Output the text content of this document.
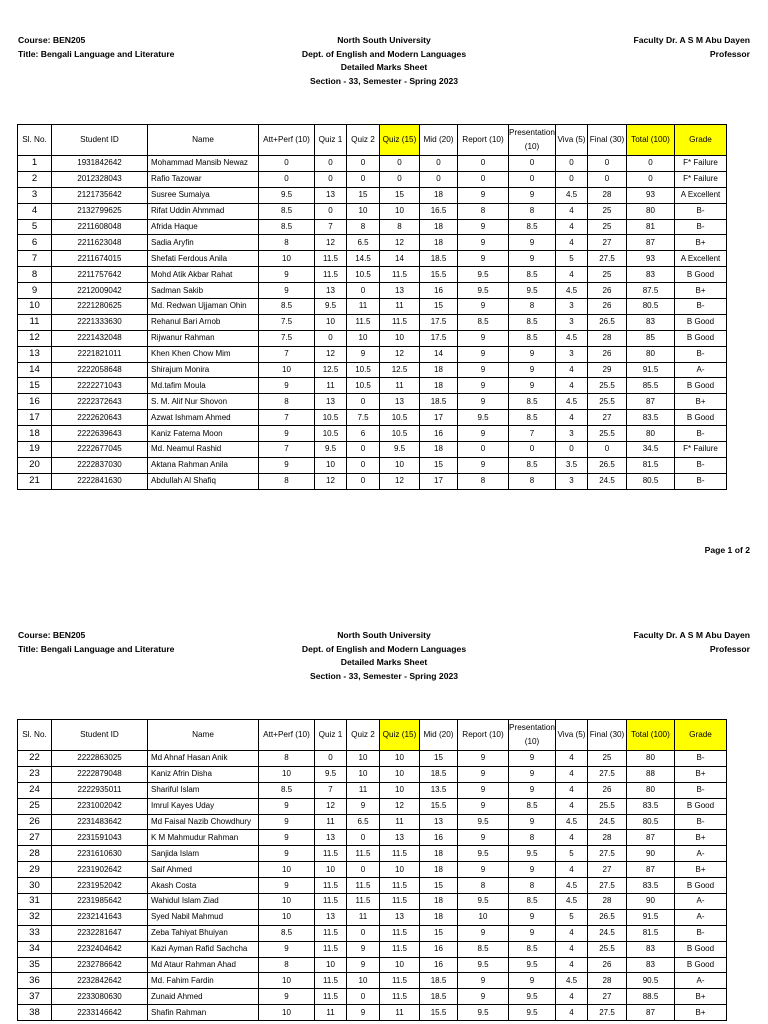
Course: BEN205
Title: Bengali Language and Literature
North South University
Dept. of English and Modern Languages
Detailed Marks Sheet
Section - 33, Semester - Spring 2023
Faculty Dr. A S M Abu Dayen
Professor
Sl. No.	Student ID	Name	Att+Perf (10)	Quiz 1	Quiz 2	Quiz (15)	Mid (20)	Report (10)	Presentation (10)	Viva (5)	Final (30)	Total (100)	Grade
1	1931842642	Mohammad Mansib Newaz	0	0	0	0	0	0	0	0	0	0	F* Failure
2	2012328043	Rafio Tazowar	0	0	0	0	0	0	0	0	0	0	F* Failure
3	2121735642	Susree Sumaiya	9.5	13	15	15	18	9	9	4.5	28	93	A Excellent
4	2132799625	Rifat Uddin Ahmmad	8.5	0	10	10	16.5	8	8	4	25	80	B-
5	2211608048	Afrida Haque	8.5	7	8	8	18	9	8.5	4	25	81	B-
6	2211623048	Sadia Aryfin	8	12	6.5	12	18	9	9	4	27	87	B+
7	2211674015	Shefati Ferdous Anila	10	11.5	14.5	14	18.5	9	9	5	27.5	93	A Excellent
8	2211757642	Mohd Atik Akbar Rahat	9	11.5	10.5	11.5	15.5	9.5	8.5	4	25	83	B Good
9	2212009042	Sadman Sakib	9	13	0	13	16	9.5	9.5	4.5	26	87.5	B+
10	2221280625	Md. Redwan Ujjaman Ohin	8.5	9.5	11	11	15	9	8	3	26	80.5	B-
11	2221333630	Rehanul Bari Arnob	7.5	10	11.5	11.5	17.5	8.5	8.5	3	26.5	83	B Good
12	2221432048	Rijwanur Rahman	7.5	0	10	10	17.5	9	8.5	4.5	28	85	B Good
13	2221821011	Khen Khen Chow Mim	7	12	9	12	14	9	9	3	26	80	B-
14	2222058648	Shirajum Monira	10	12.5	10.5	12.5	18	9	9	4	29	91.5	A-
15	2222271043	Md.tafim Moula	9	11	10.5	11	18	9	9	4	25.5	85.5	B Good
16	2222372643	S. M. Alif Nur Shovon	8	13	0	13	18.5	9	8.5	4.5	25.5	87	B+
17	2222620643	Azwat Ishmam Ahmed	7	10.5	7.5	10.5	17	9.5	8.5	4	27	83.5	B Good
18	2222639643	Kaniz Fatema Moon	9	10.5	6	10.5	16	9	7	3	25.5	80	B-
19	2222677045	Md. Neamul Rashid	7	9.5	0	9.5	18	0	0	0	0	34.5	F* Failure
20	2222837030	Aktana Rahman Anila	9	10	0	10	15	9	8.5	3.5	26.5	81.5	B-
21	2222841630	Abdullah Al Shafiq	8	12	0	12	17	8	8	3	24.5	80.5	B-
Page 1 of 2
Course: BEN205
Title: Bengali Language and Literature
North South University
Dept. of English and Modern Languages
Detailed Marks Sheet
Section - 33, Semester - Spring 2023
Faculty Dr. A S M Abu Dayen
Professor
Sl. No.	Student ID	Name	Att+Perf (10)	Quiz 1	Quiz 2	Quiz (15)	Mid (20)	Report (10)	Presentation (10)	Viva (5)	Final (30)	Total (100)	Grade
22	2222863025	Md Ahnaf Hasan Anik	8	0	10	10	15	9	9	4	25	80	B-
23	2222879048	Kaniz Afrin Disha	10	9.5	10	10	18.5	9	9	4	27.5	88	B+
24	2222935011	Shariful Islam	8.5	7	11	10	13.5	9	9	4	26	80	B-
25	2231002042	Imrul Kayes Uday	9	12	9	12	15.5	9	8.5	4	25.5	83.5	B Good
26	2231483642	Md Faisal Nazib Chowdhury	9	11	6.5	11	13	9.5	9	4.5	24.5	80.5	B-
27	2231591043	K M Mahmudur Rahman	9	13	0	13	16	9	8	4	28	87	B+
28	2231610630	Sanjida Islam	9	11.5	11.5	11.5	18	9.5	9.5	5	27.5	90	A-
29	2231902642	Saif Ahmed	10	10	0	10	18	9	9	4	27	87	B+
30	2231952042	Akash Costa	9	11.5	11.5	11.5	15	8	8	4.5	27.5	83.5	B Good
31	2231985642	Wahidul Islam Ziad	10	11.5	11.5	11.5	18	9.5	8.5	4.5	28	90	A-
32	2232141643	Syed Nabil Mahmud	10	13	11	13	18	10	9	5	26.5	91.5	A-
33	2232281647	Zeba Tahiyat Bhuiyan	8.5	11.5	0	11.5	15	9	9	4	24.5	81.5	B-
34	2232404642	Kazi Ayman Rafid Sachcha	9	11.5	9	11.5	16	8.5	8.5	4	25.5	83	B Good
35	2232786642	Md Ataur Rahman Ahad	8	10	9	10	16	9.5	9.5	4	26	83	B Good
36	2232842642	Md. Fahim Fardin	10	11.5	10	11.5	18.5	9	9	4.5	28	90.5	A-
37	2233080630	Zunaid Ahmed	9	11.5	0	11.5	18.5	9	9.5	4	27	88.5	B+
38	2233146642	Shafin Rahman	10	11	9	11	15.5	9.5	9.5	4	27.5	87	B+
